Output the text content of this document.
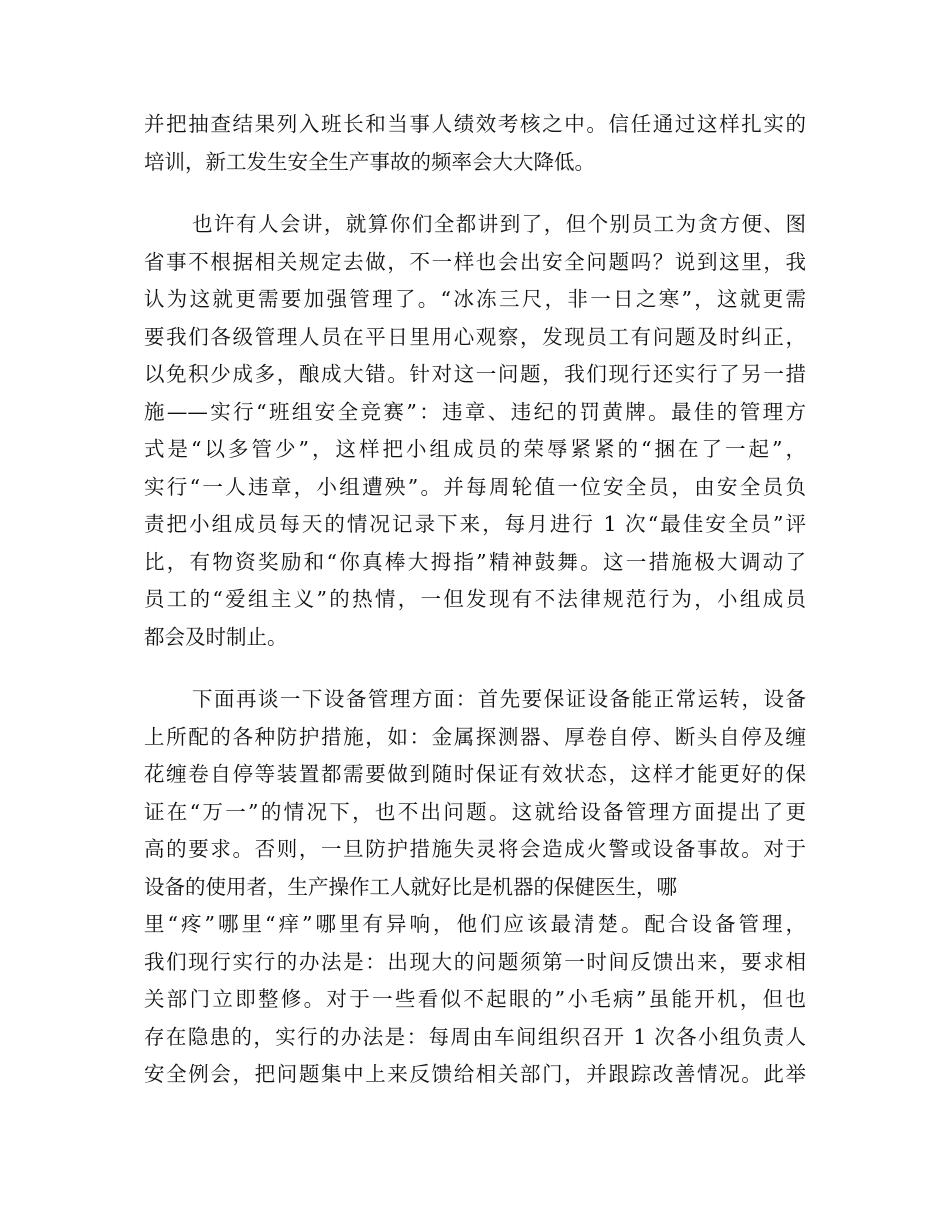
并把抽查结果列入班长和当事人绩效考核之中。信任通过这样扎实的
培训，新工发生安全生产事故的频率会大大降低。
也许有人会讲，就算你们全都讲到了，但个别员工为贪方便、图
省事不根据相关规定去做，不一样也会出安全问题吗？说到这里，我
认为这就更需要加强管理了。“冰冻三尺，非一日之寒”，这就更需
要我们各级管理人员在平日里用心观察，发现员工有问题及时纠正，
以免积少成多，酿成大错。针对这一问题，我们现行还实行了另一措
施——实行“班组安全竞赛”：违章、违纪的罚黄牌。最佳的管理方
式是“以多管少”，这样把小组成员的荣辱紧紧的“捆在了一起”，
实行“一人违章，小组遭殃”。并每周轮值一位安全员，由安全员负
责把小组成员每天的情况记录下来，每月进行 1 次“最佳安全员”评
比，有物资奖励和“你真棒大拇指”精神鼓舞。这一措施极大调动了
员工的“爱组主义”的热情，一但发现有不法律规范行为，小组成员
都会及时制止。
下面再谈一下设备管理方面：首先要保证设备能正常运转，设备
上所配的各种防护措施，如：金属探测器、厚卷自停、断头自停及缠
花缠卷自停等装置都需要做到随时保证有效状态，这样才能更好的保
证在“万一”的情况下，也不出问题。这就给设备管理方面提出了更
高的要求。否则，一旦防护措施失灵将会造成火警或设备事故。对于
设备的使用者，生产操作工人就好比是机器的保健医生，哪
里“疼”哪里“痒”哪里有异响，他们应该最清楚。配合设备管理，
我们现行实行的办法是：出现大的问题须第一时间反馈出来，要求相
关部门立即整修。对于一些看似不起眼的”小毛病”虽能开机，但也
存在隐患的，实行的办法是：每周由车间组织召开 1 次各小组负责人
安全例会，把问题集中上来反馈给相关部门，并跟踪改善情况。此举
